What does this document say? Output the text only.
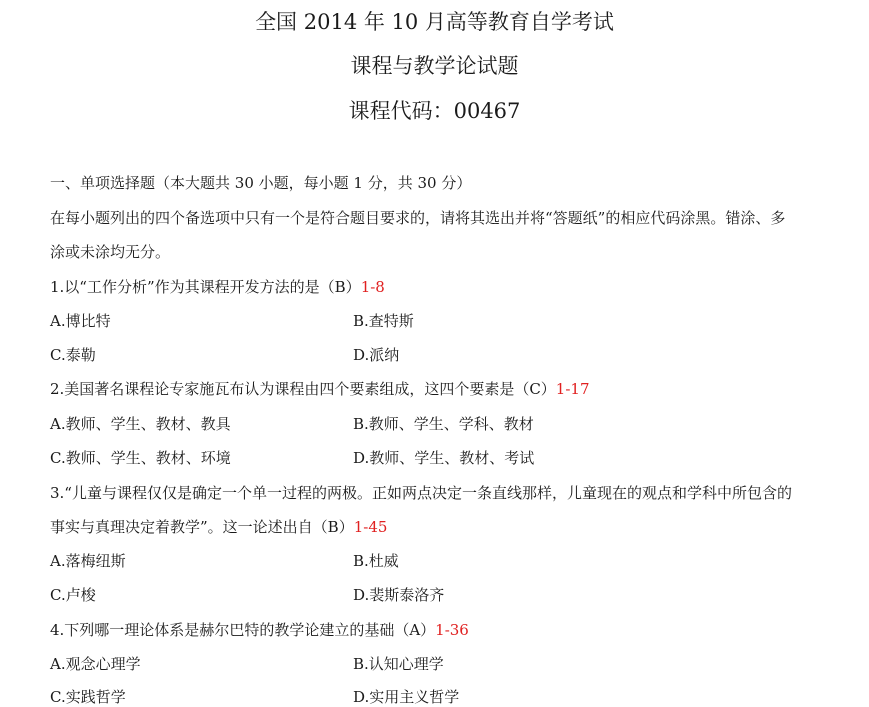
全国 2014 年 10 月高等教育自学考试
课程与教学论试题
课程代码：00467
一、单项选择题（本大题共 30 小题，每小题 1 分，共 30 分）
在每小题列出的四个备选项中只有一个是符合题目要求的，请将其选出并将“答题纸”的相应代码涂黑。错涂、多
涂或未涂均无分。
1.以“工作分析”作为其课程开发方法的是（B）1-8
A.博比特	B.查特斯
C.泰勒	D.派纳
2.美国著名课程论专家施瓦布认为课程由四个要素组成，这四个要素是（C）1-17
A.教师、学生、教材、教具	B.教师、学生、学科、教材
C.教师、学生、教材、环境	D.教师、学生、教材、考试
3.“儿童与课程仅仅是确定一个单一过程的两极。正如两点决定一条直线那样，儿童现在的观点和学科中所包含的
事实与真理决定着教学”。这一论述出自（B）1-45
A.落梅纽斯	B.杜威
C.卢梭	D.裴斯泰洛齐
4.下列哪一理论体系是赫尔巴特的教学论建立的基础（A）1-36
A.观念心理学	B.认知心理学
C.实践哲学	D.实用主义哲学
